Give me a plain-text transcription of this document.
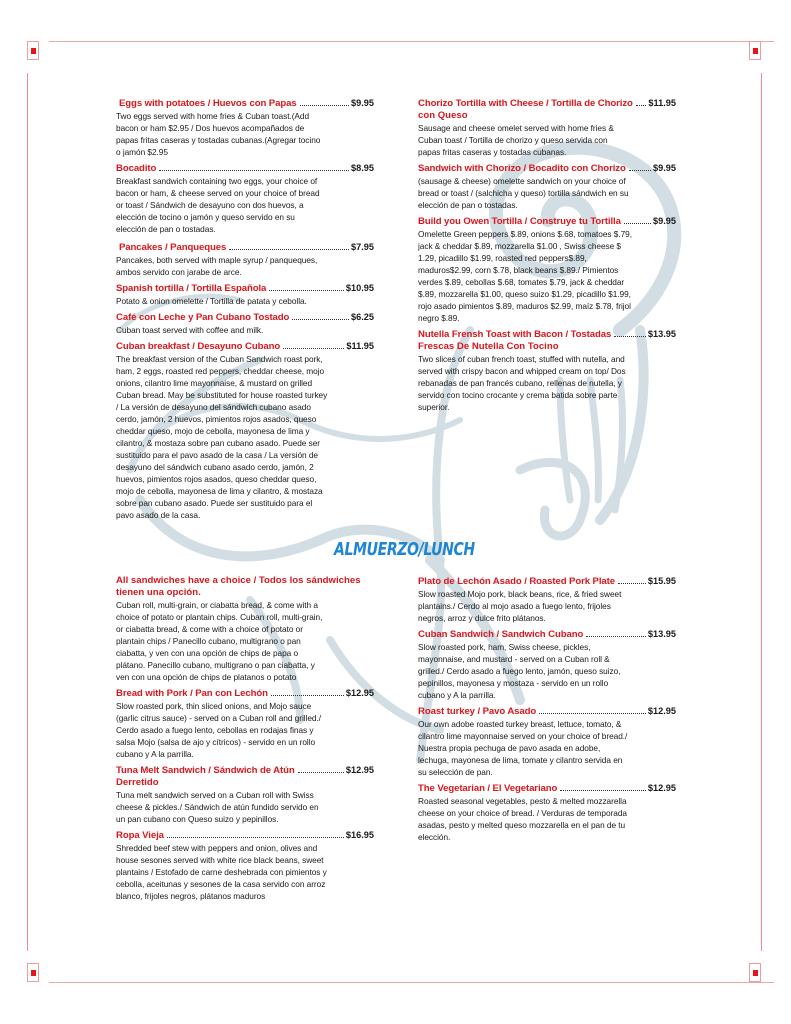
Eggs with potatoes / Huevos con Papas	$9.95
Two eggs served with home fries & Cuban toast.(Add bacon or ham $2.95 / Dos huevos acompañados de papas fritas caseras y tostadas cubanas.(Agregar tocino o jamón $2.95
Bocadito	$8.95
Breakfast sandwich containing two eggs, your choice of bacon or ham, & cheese served on your choice of bread or toast / Sándwich de desayuno con dos huevos, a elección de tocino o jamón y queso servido en su elección de pan o tostadas.
Pancakes / Panqueques	$7.95
Pancakes, both served with maple syrup / panqueques, ambos servido con jarabe de arce.
Spanish tortilla / Tortilla Española	$10.95
Potato & onion omelette / Tortilla de patata y cebolla.
Café con Leche y Pan Cubano Tostado	$6.25
Cuban toast served with coffee and milk.
Cuban breakfast / Desayuno Cubano	$11.95
The breakfast version of the Cuban Sandwich roast pork, ham, 2 eggs, roasted red peppers, cheddar cheese, mojo onions, cilantro lime mayonnaise, & mustard on grilled Cuban bread. May be substituted for house roasted turkey / La versión de desayuno del sándwich cubano asado cerdo, jamón, 2 huevos, pimientos rojos asados, queso cheddar queso, mojo de cebolla, mayonesa de lima y cilantro, & mostaza sobre pan cubano asado. Puede ser sustituido para el pavo asado de la casa / La versión de desayuno del sándwich cubano asado cerdo, jamón, 2 huevos, pimientos rojos asados, queso cheddar queso, mojo de cebolla, mayonesa de lima y cilantro, & mostaza sobre pan cubano asado. Puede ser sustituido para el pavo asado de la casa.
Chorizo Tortilla with Cheese / Tortilla de Chorizo $11.95
con Queso
Sausage and cheese omelet served with home fries & Cuban toast / Tortilla de chorizo y queso servida con papas fritas caseras y tostadas cubanas.
Sandwich with Chorizo / Bocadito con Chorizo	$9.95
(sausage & cheese) omelette sandwich on your choice of bread or toast / (salchicha y queso) tortilla sándwich en su elección de pan o tostadas.
Build you Owen Tortilla / Construye tu Tortilla	$9.95
Omelette Green peppers $.89, onions $.68, tomatoes $.79, jack & cheddar $.89, mozzarella $1.00 , Swiss cheese $ 1.29, picadillo $1.99, roasted red peppers$.89, maduros$2.99, corn $.78, black beans $.89./ Pimientos verdes $.89, cebollas $.68, tomates $.79, jack & cheddar $.89, mozzarella $1.00, queso suizo $1.29, picadillo $1.99, rojo asado pimientos $.89, maduros $2.99, maíz $.78, frijol negro $.89.
Nutella Frensh Toast with Bacon / Tostadas	$13.95
Frescas De Nutella Con Tocino
Two slices of cuban french toast, stuffed with nutella, and served with crispy bacon and whipped cream on top/ Dos rebanadas de pan francés cubano, rellenas de nutella, y servido con tocino crocante y crema batida sobre parte superior.
ALMUERZO/LUNCH
All sandwiches have a choice / Todos los sándwiches tienen una opción.
Cuban roll, multi-grain, or ciabatta bread, & come with a choice of potato or plantain chips. Cuban roll, multi-grain, or ciabatta bread, & come with a choice of potato or plantain chips / Panecillo cubano, multigrano o pan ciabatta, y ven con una opción de chips de papa o plátano. Panecillo cubano, multigrano o pan ciabatta, y ven con una opción de chips de platanos o potato
Bread with Pork / Pan con Lechón	$12.95
Slow roasted pork, thin sliced onions, and Mojo sauce (garlic citrus sauce) - served on a Cuban roll and grilled./ Cerdo asado a fuego lento, cebollas en rodajas finas y salsa Mojo (salsa de ajo y cítricos) - servido en un rollo cubano y A la parrilla.
Tuna Melt Sandwich / Sándwich de Atún	$12.95
Derretido
Tuna melt sandwich served on a Cuban roll with Swiss cheese & pickles./ Sándwich de atún fundido servido en un pan cubano con Queso suizo y pepinillos.
Ropa Vieja	$16.95
Shredded beef stew with peppers and onion, olives and house sesones served with white rice black beans, sweet plantains / Estofado de carne deshebrada con pimientos y cebolla, aceitunas y sesones de la casa servido con arroz blanco, frijoles negros, plátanos maduros
Plato de Lechón Asado / Roasted Pork Plate	$15.95
Slow roasted Mojo pork, black beans, rice, & fried sweet plantains./ Cerdo al mojo asado a fuego lento, frijoles negros, arroz y dulce frito plátanos.
Cuban Sandwich / Sandwich Cubano	$13.95
Slow roasted pork, ham, Swiss cheese, pickles, mayonnaise, and mustard - served on a Cuban roll & grilled./ Cerdo asado a fuego lento, jamón, queso suizo, pepinillos, mayonesa y mostaza - servido en un rollo cubano y A la parrilla.
Roast turkey / Pavo Asado	$12.95
Our own adobe roasted turkey breast, lettuce, tomato, & cilantro lime mayonnaise served on your choice of bread./ Nuestra propia pechuga de pavo asada en adobe, lechuga, mayonesa de lima, tomate y cilantro servida en su selección de pan.
The Vegetarian / El Vegetariano	$12.95
Roasted seasonal vegetables, pesto & melted mozzarella cheese on your choice of bread. / Verduras de temporada asadas, pesto y melted queso mozzarella en el pan de tu elección.
